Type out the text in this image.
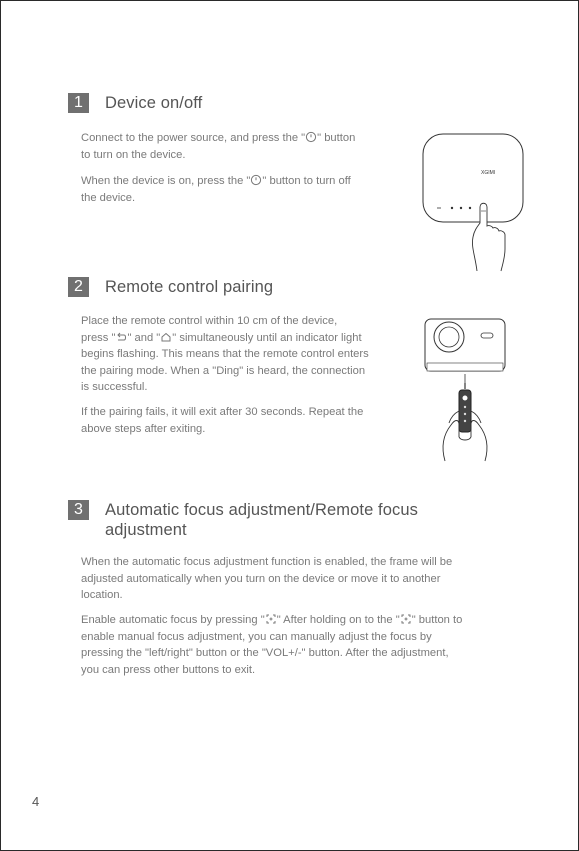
1	Device on/off

Connect to the power source, and press the " " button
to turn on the device.

When the device is on, press the " " button to turn off
the device.

XGIMI
2	Remote control pairing

Place the remote control within 10 cm of the device,
press " " and " " simultaneously until an indicator light
begins flashing. This means that the remote control enters
the pairing mode. When a "Ding" is heard, the connection
is successful.

If the pairing fails, it will exit after 30 seconds. Repeat the
above steps after exiting.

3	Automatic focus adjustment/Remote focus
adjustment

When the automatic focus adjustment function is enabled, the frame will be
adjusted automatically when you turn on the device or move it to another
location.

Enable automatic focus by pressing " " After holding on to the " " button to
enable manual focus adjustment, you can manually adjust the focus by
pressing the "left/right" button or the "VOL+/-" button. After the adjustment,
you can press other buttons to exit.

4
